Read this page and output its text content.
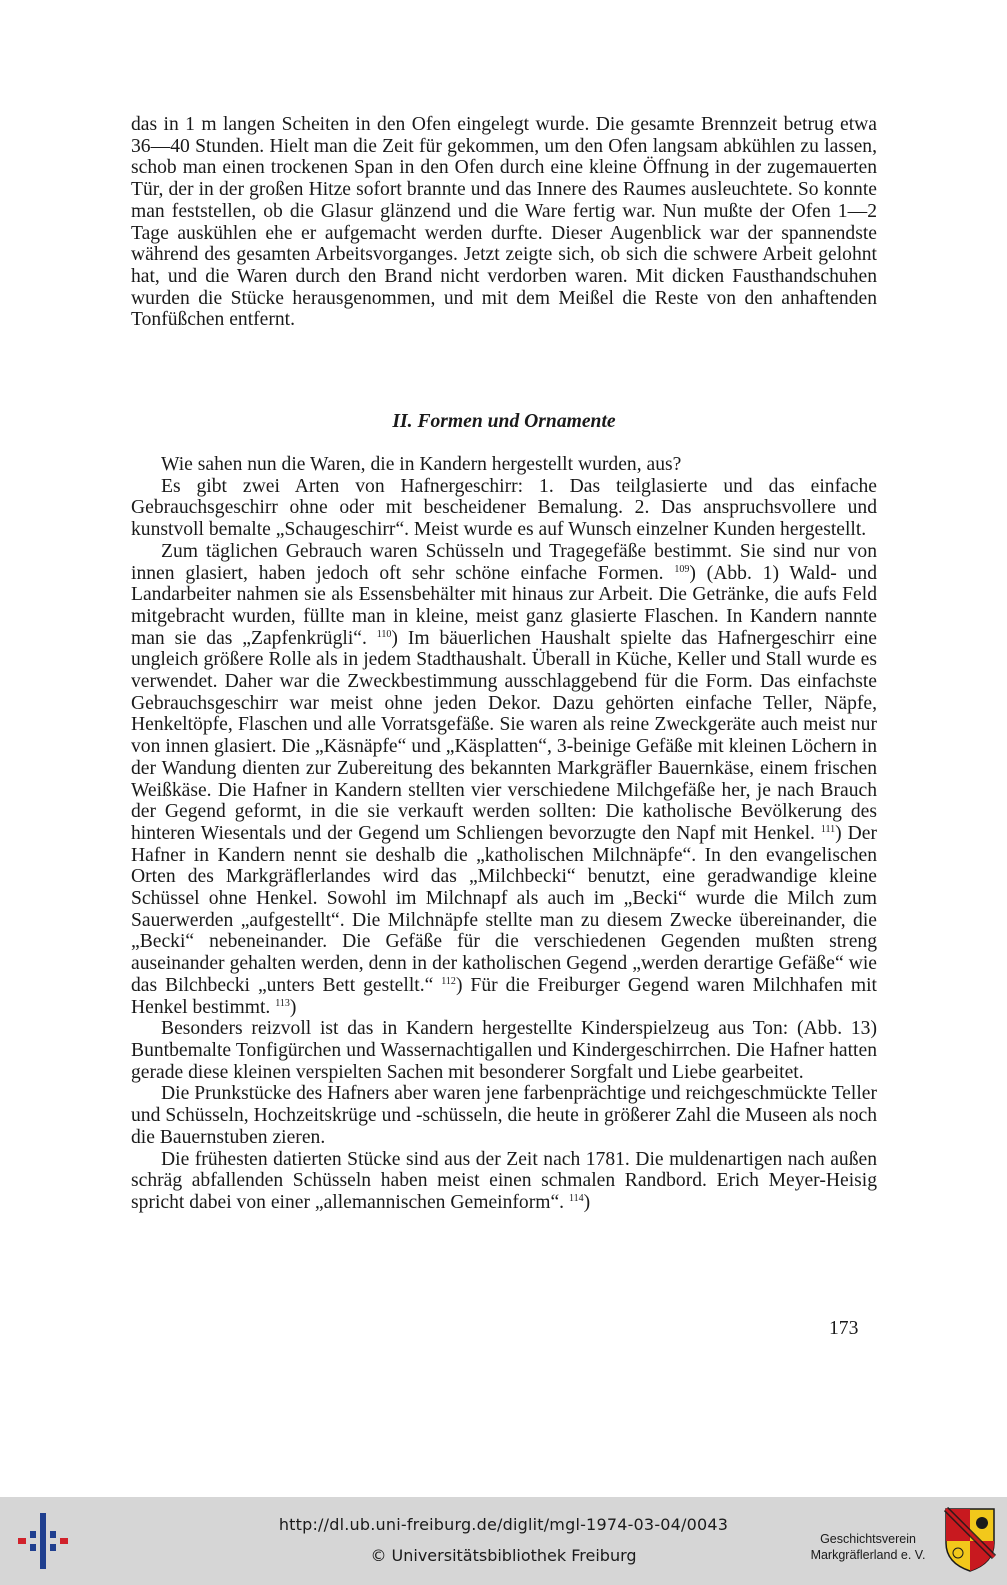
das in 1 m langen Scheiten in den Ofen eingelegt wurde. Die gesamte Brennzeit betrug etwa 36—40 Stunden. Hielt man die Zeit für gekommen, um den Ofen langsam abkühlen zu lassen, schob man einen trockenen Span in den Ofen durch eine kleine Öffnung in der zugemauerten Tür, der in der großen Hitze sofort brannte und das Innere des Raumes ausleuchtete. So konnte man feststellen, ob die Glasur glänzend und die Ware fertig war. Nun mußte der Ofen 1—2 Tage auskühlen ehe er aufgemacht werden durfte. Dieser Augenblick war der spannendste während des gesamten Arbeitsvorganges. Jetzt zeigte sich, ob sich die schwere Arbeit gelohnt hat, und die Waren durch den Brand nicht verdorben waren. Mit dicken Fausthandschuhen wurden die Stücke herausgenommen, und mit dem Meißel die Reste von den anhaftenden Tonfüßchen entfernt.

II. Formen und Ornamente

Wie sahen nun die Waren, die in Kandern hergestellt wurden, aus?

Es gibt zwei Arten von Hafnergeschirr: 1. Das teilglasierte und das einfache Gebrauchsgeschirr ohne oder mit bescheidener Bemalung. 2. Das anspruchsvollere und kunstvoll bemalte „Schaugeschirr“. Meist wurde es auf Wunsch einzelner Kunden hergestellt.

Zum täglichen Gebrauch waren Schüsseln und Tragegefäße bestimmt. Sie sind nur von innen glasiert, haben jedoch oft sehr schöne einfache Formen. $^{109}$) (Abb. 1) Wald- und Landarbeiter nahmen sie als Essensbehälter mit hinaus zur Arbeit. Die Getränke, die aufs Feld mitgebracht wurden, füllte man in kleine, meist ganz glasierte Flaschen. In Kandern nannte man sie das „Zapfenkrügli“. $^{110}$) Im bäuerlichen Haushalt spielte das Hafnergeschirr eine ungleich größere Rolle als in jedem Stadthaushalt. Überall in Küche, Keller und Stall wurde es verwendet. Daher war die Zweckbestimmung ausschlaggebend für die Form. Das einfachste Gebrauchsgeschirr war meist ohne jeden Dekor. Dazu gehörten einfache Teller, Näpfe, Henkeltöpfe, Flaschen und alle Vorratsgefäße. Sie waren als reine Zweckgeräte auch meist nur von innen glasiert. Die „Käsnäpfe“ und „Käsplatten“, 3-beinige Gefäße mit kleinen Löchern in der Wandung dienten zur Zubereitung des bekannten Markgräfler Bauernkäse, einem frischen Weißkäse. Die Hafner in Kandern stellten vier verschiedene Milchgefäße her, je nach Brauch der Gegend geformt, in die sie verkauft werden sollten: Die katholische Bevölkerung des hinteren Wiesentals und der Gegend um Schliengen bevorzugte den Napf mit Henkel. $^{111}$) Der Hafner in Kandern nennt sie deshalb die „katholischen Milchnäpfe“. In den evangelischen Orten des Markgräflerlandes wird das „Milchbecki“ benutzt, eine geradwandige kleine Schüssel ohne Henkel. Sowohl im Milchnapf als auch im „Becki“ wurde die Milch zum Sauerwerden „aufgestellt“. Die Milchnäpfe stellte man zu diesem Zwecke übereinander, die „Becki“ nebeneinander. Die Gefäße für die verschiedenen Gegenden mußten streng auseinander gehalten werden, denn in der katholischen Gegend „werden derartige Gefäße“ wie das Bilchbecki „unters Bett gestellt.“ $^{112}$) Für die Freiburger Gegend waren Milchhafen mit Henkel bestimmt. $^{113}$)

Besonders reizvoll ist das in Kandern hergestellte Kinderspielzeug aus Ton: (Abb. 13) Buntbemalte Tonfigürchen und Wassernachtigallen und Kindergeschirrchen. Die Hafner hatten gerade diese kleinen verspielten Sachen mit besonderer Sorgfalt und Liebe gearbeitet.

Die Prunkstücke des Hafners aber waren jene farbenprächtige und reichgeschmückte Teller und Schüsseln, Hochzeitskrüge und -schüsseln, die heute in größerer Zahl die Museen als noch die Bauernstuben zieren.

Die frühesten datierten Stücke sind aus der Zeit nach 1781. Die muldenartigen nach außen schräg abfallenden Schüsseln haben meist einen schmalen Randbord. Erich Meyer-Heisig spricht dabei von einer „allemannischen Gemeinform“. $^{114}$)

173

http://dl.ub.uni-freiburg.de/diglit/mgl-1974-03-04/0043

© Universitätsbibliothek Freiburg

Geschichtsverein
Markgräflerland e. V.
